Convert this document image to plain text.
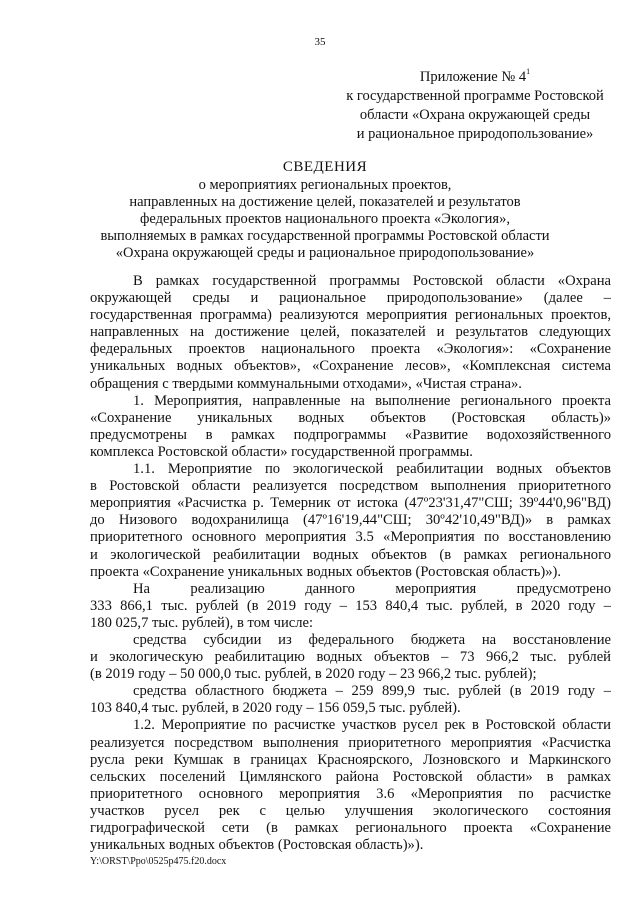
35
Приложение № $4^1$
к государственной программе Ростовской
области «Охрана окружающей среды
и рациональное природопользование»
СВЕДЕНИЯ
о мероприятиях региональных проектов,
направленных на достижение целей, показателей и результатов
федеральных проектов национального проекта «Экология»,
выполняемых в рамках государственной программы Ростовской области
«Охрана окружающей среды и рациональное природопользование»
В рамках государственной программы Ростовской области «Охрана
окружающей среды и рациональное природопользование» (далее –
государственная программа) реализуются мероприятия региональных проектов,
направленных на достижение целей, показателей и результатов следующих
федеральных проектов национального проекта «Экология»: «Сохранение
уникальных водных объектов», «Сохранение лесов», «Комплексная система
обращения с твердыми коммунальными отходами», «Чистая страна».
1. Мероприятия, направленные на выполнение регионального проекта
«Сохранение уникальных водных объектов (Ростовская область)»
предусмотрены в рамках подпрограммы «Развитие водохозяйственного
комплекса Ростовской области» государственной программы.
1.1. Мероприятие по экологической реабилитации водных объектов
в Ростовской области реализуется посредством выполнения приоритетного
мероприятия «Расчистка р. Темерник от истока (47º23'31,47"СШ; 39º44'0,96"ВД)
до Низового водохранилища (47º16'19,44"СШ; 30º42'10,49"ВД)» в рамках
приоритетного основного мероприятия 3.5 «Мероприятия по восстановлению
и экологической реабилитации водных объектов (в рамках регионального
проекта «Сохранение уникальных водных объектов (Ростовская область)»).
На реализацию данного мероприятия предусмотрено
333 866,1 тыс. рублей (в 2019 году – 153 840,4 тыс. рублей, в 2020 году –
180 025,7 тыс. рублей), в том числе:
средства субсидии из федерального бюджета на восстановление
и экологическую реабилитацию водных объектов – 73 966,2 тыс. рублей
(в 2019 году – 50 000,0 тыс. рублей, в 2020 году – 23 966,2 тыс. рублей);
средства областного бюджета – 259 899,9 тыс. рублей (в 2019 году –
103 840,4 тыс. рублей, в 2020 году – 156 059,5 тыс. рублей).
1.2. Мероприятие по расчистке участков русел рек в Ростовской области
реализуется посредством выполнения приоритетного мероприятия «Расчистка
русла реки Кумшак в границах Красноярского, Лозновского и Маркинского
сельских поселений Цимлянского района Ростовской области» в рамках
приоритетного основного мероприятия 3.6 «Мероприятия по расчистке
участков русел рек с целью улучшения экологического состояния
гидрографической сети (в рамках регионального проекта «Сохранение
уникальных водных объектов (Ростовская область)»).
Y:\ORST\Ppo\0525p475.f20.docx
